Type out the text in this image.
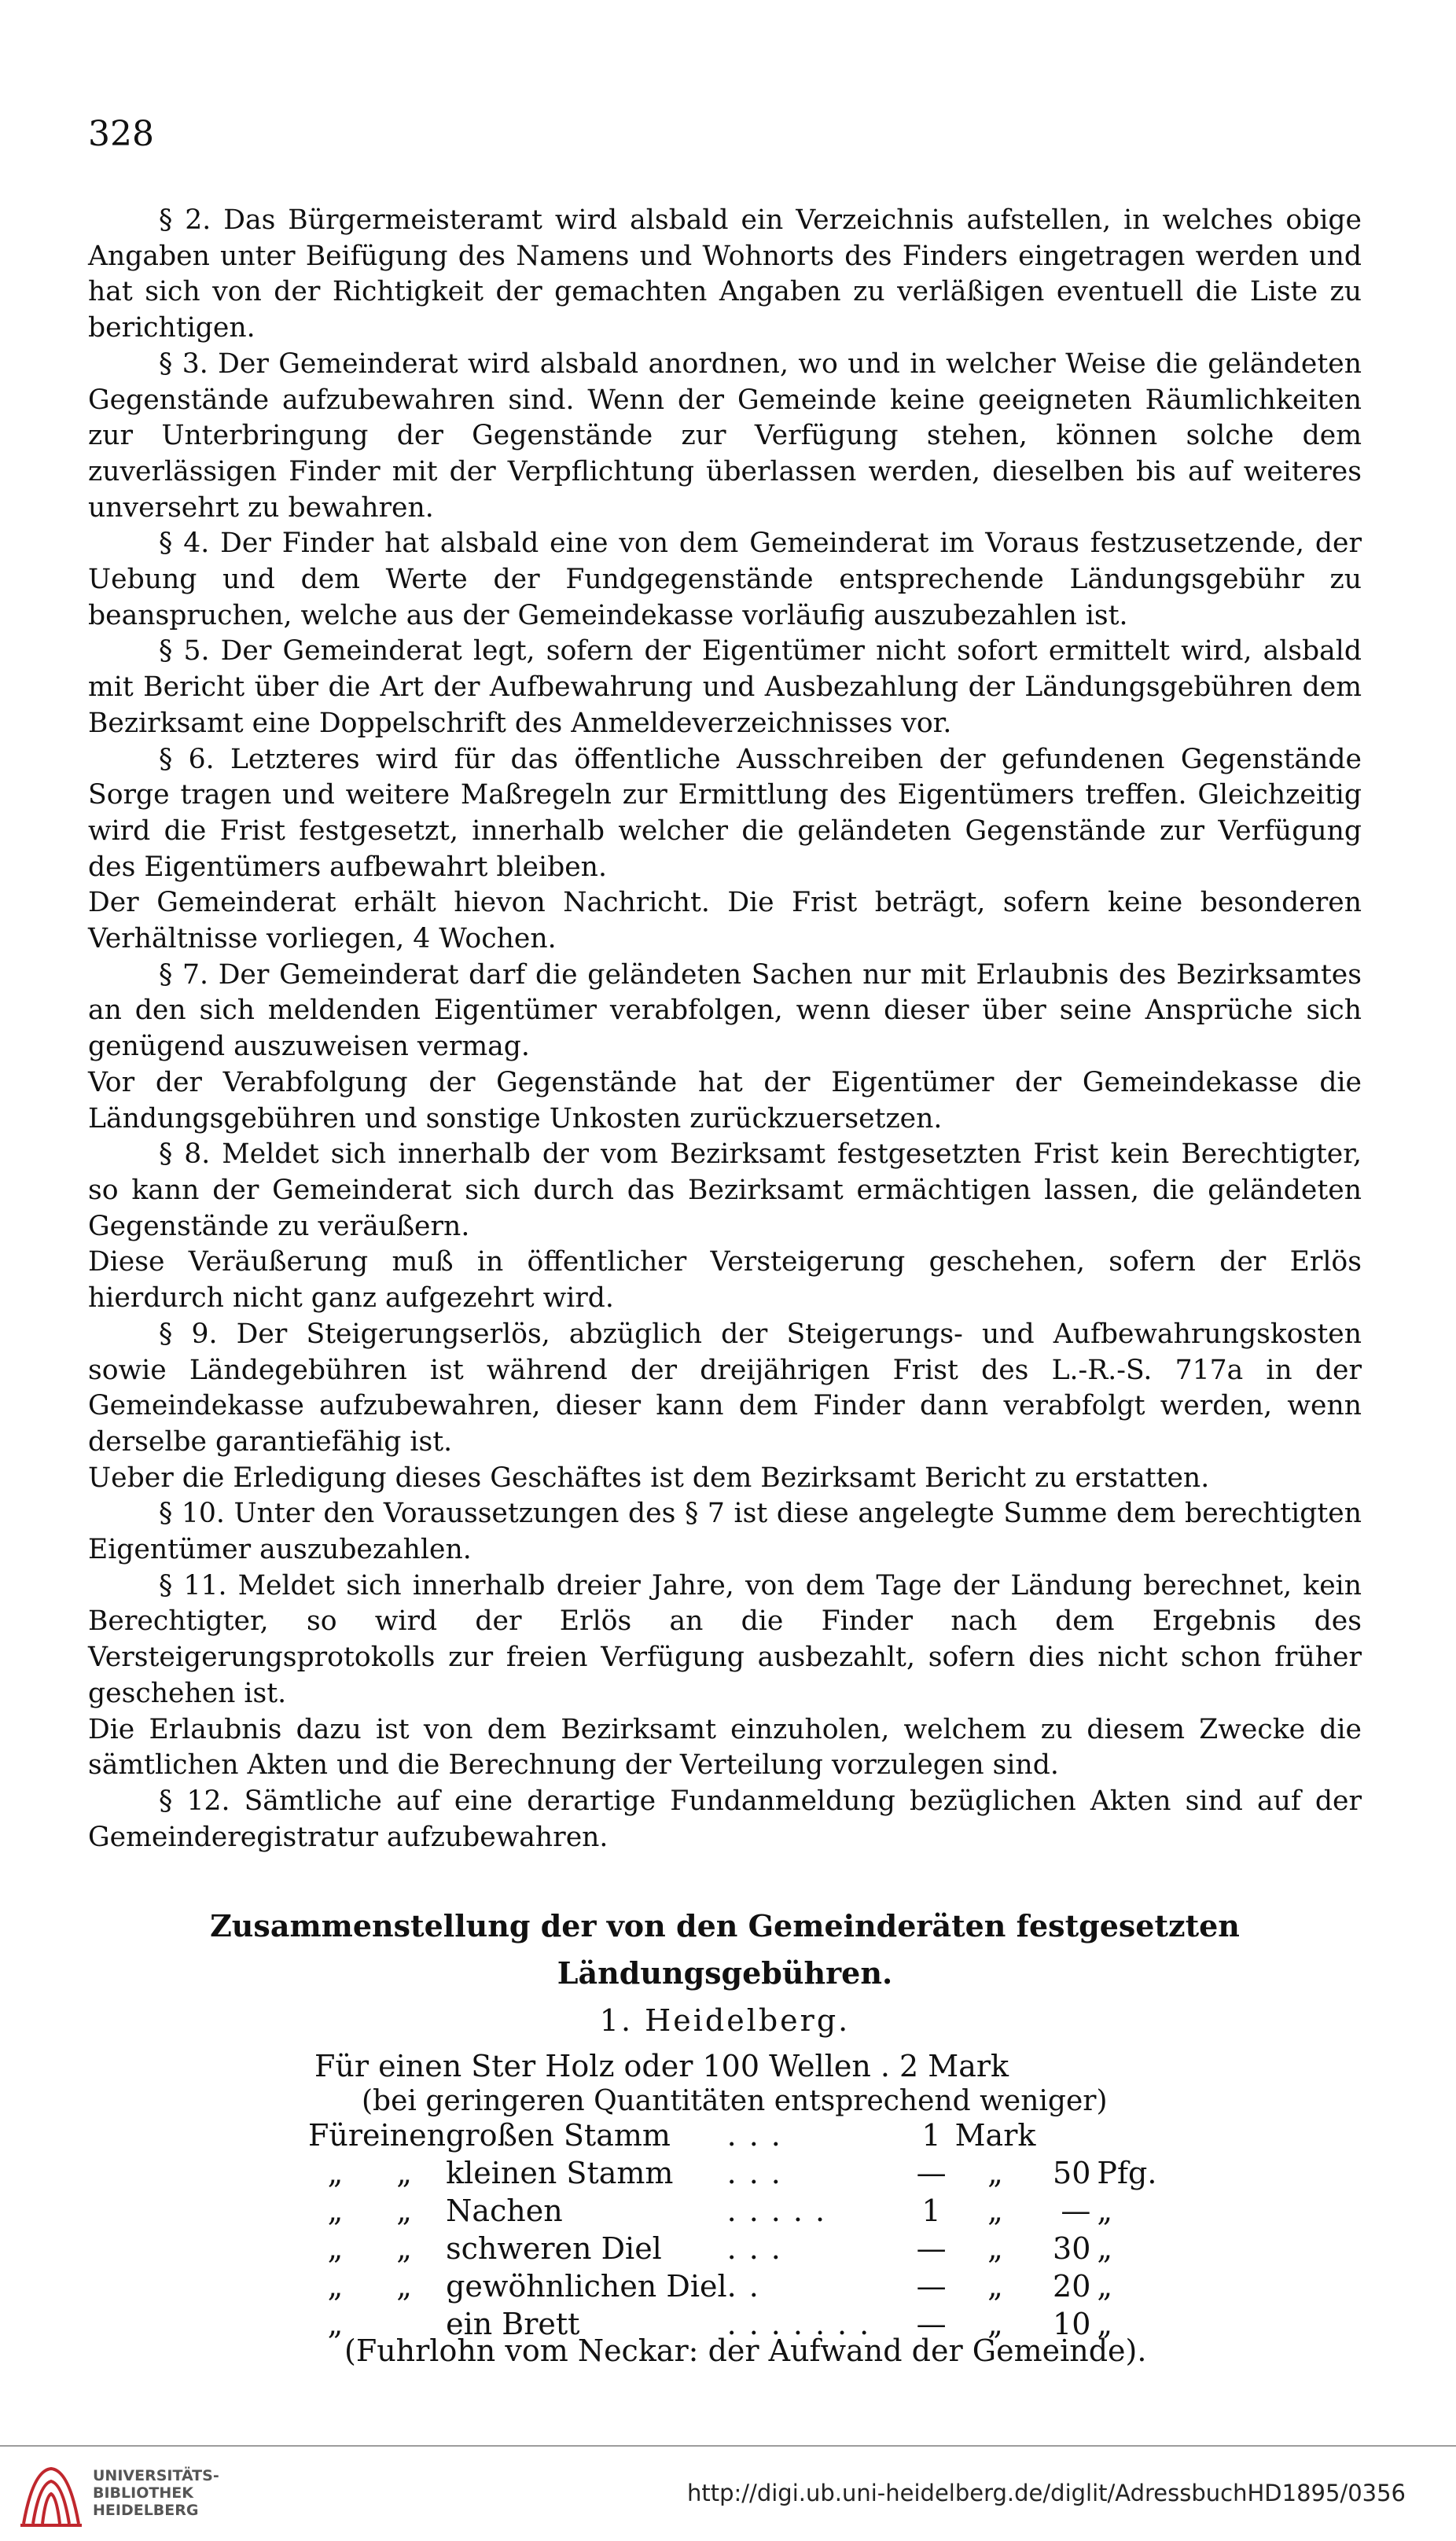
328

§ 2. Das Bürgermeisteramt wird alsbald ein Verzeichnis aufstellen, in welches obige Angaben unter Beifügung des Namens und Wohnorts des Finders eingetragen werden und hat sich von der Richtigkeit der gemachten Angaben zu verläßigen eventuell die Liste zu berichtigen.

§ 3. Der Gemeinderat wird alsbald anordnen, wo und in welcher Weise die geländeten Gegenstände aufzubewahren sind. Wenn der Gemeinde keine geeigneten Räumlichkeiten zur Unterbringung der Gegenstände zur Verfügung stehen, können solche dem zuverlässigen Finder mit der Verpflichtung überlassen werden, dieselben bis auf weiteres unversehrt zu bewahren.

§ 4. Der Finder hat alsbald eine von dem Gemeinderat im Voraus festzusetzende, der Uebung und dem Werte der Fundgegenstände entsprechende Ländungsgebühr zu beanspruchen, welche aus der Gemeindekasse vorläufig auszubezahlen ist.

§ 5. Der Gemeinderat legt, sofern der Eigentümer nicht sofort ermittelt wird, alsbald mit Bericht über die Art der Aufbewahrung und Ausbezahlung der Ländungsgebühren dem Bezirksamt eine Doppelschrift des Anmeldeverzeichnisses vor.

§ 6. Letzteres wird für das öffentliche Ausschreiben der gefundenen Gegenstände Sorge tragen und weitere Maßregeln zur Ermittlung des Eigentümers treffen. Gleichzeitig wird die Frist festgesetzt, innerhalb welcher die geländeten Gegenstände zur Verfügung des Eigentümers aufbewahrt bleiben.

Der Gemeinderat erhält hievon Nachricht. Die Frist beträgt, sofern keine besonderen Verhältnisse vorliegen, 4 Wochen.

§ 7. Der Gemeinderat darf die geländeten Sachen nur mit Erlaubnis des Bezirksamtes an den sich meldenden Eigentümer verabfolgen, wenn dieser über seine Ansprüche sich genügend auszuweisen vermag.

Vor der Verabfolgung der Gegenstände hat der Eigentümer der Gemeindekasse die Ländungsgebühren und sonstige Unkosten zurückzuersetzen.

§ 8. Meldet sich innerhalb der vom Bezirksamt festgesetzten Frist kein Berechtigter, so kann der Gemeinderat sich durch das Bezirksamt ermächtigen lassen, die geländeten Gegenstände zu veräußern.

Diese Veräußerung muß in öffentlicher Versteigerung geschehen, sofern der Erlös hierdurch nicht ganz aufgezehrt wird.

§ 9. Der Steigerungserlös, abzüglich der Steigerungs- und Aufbewahrungskosten sowie Ländegebühren ist während der dreijährigen Frist des L.-R.-S. 717a in der Gemeindekasse aufzubewahren, dieser kann dem Finder dann verabfolgt werden, wenn derselbe garantiefähig ist.

Ueber die Erledigung dieses Geschäftes ist dem Bezirksamt Bericht zu erstatten.

§ 10. Unter den Voraussetzungen des § 7 ist diese angelegte Summe dem berechtigten Eigentümer auszubezahlen.

§ 11. Meldet sich innerhalb dreier Jahre, von dem Tage der Ländung berechnet, kein Berechtigter, so wird der Erlös an die Finder nach dem Ergebnis des Versteigerungsprotokolls zur freien Verfügung ausbezahlt, sofern dies nicht schon früher geschehen ist.

Die Erlaubnis dazu ist von dem Bezirksamt einzuholen, welchem zu diesem Zwecke die sämtlichen Akten und die Berechnung der Verteilung vorzulegen sind.

§ 12. Sämtliche auf eine derartige Fundanmeldung bezüglichen Akten sind auf der Gemeinderegistratur aufzubewahren.

Zusammenstellung der von den Gemeinderäten festgesetzten Ländungsgebühren.
1. Heidelberg.
Für einen Ster Holz oder 100 Wellen . 2 Mark
(bei geringeren Quantitäten entsprechend weniger)
Für	einen	großen Stamm	...	1	Mark		
„	„	kleinen Stamm	...	—	„	50	Pfg.
„	„	Nachen	.....	1	„	—	„
„	„	schweren Diel	...	—	„	30	„
„	„	gewöhnlichen Diel	..	—	„	20	„
„		ein Brett	.......	—	„	10	„
(Fuhrlohn vom Neckar: der Aufwand der Gemeinde).
UNIVERSITÄTS-
BIBLIOTHEK
HEIDELBERG
http://digi.ub.uni-heidelberg.de/diglit/AdressbuchHD1895/0356
